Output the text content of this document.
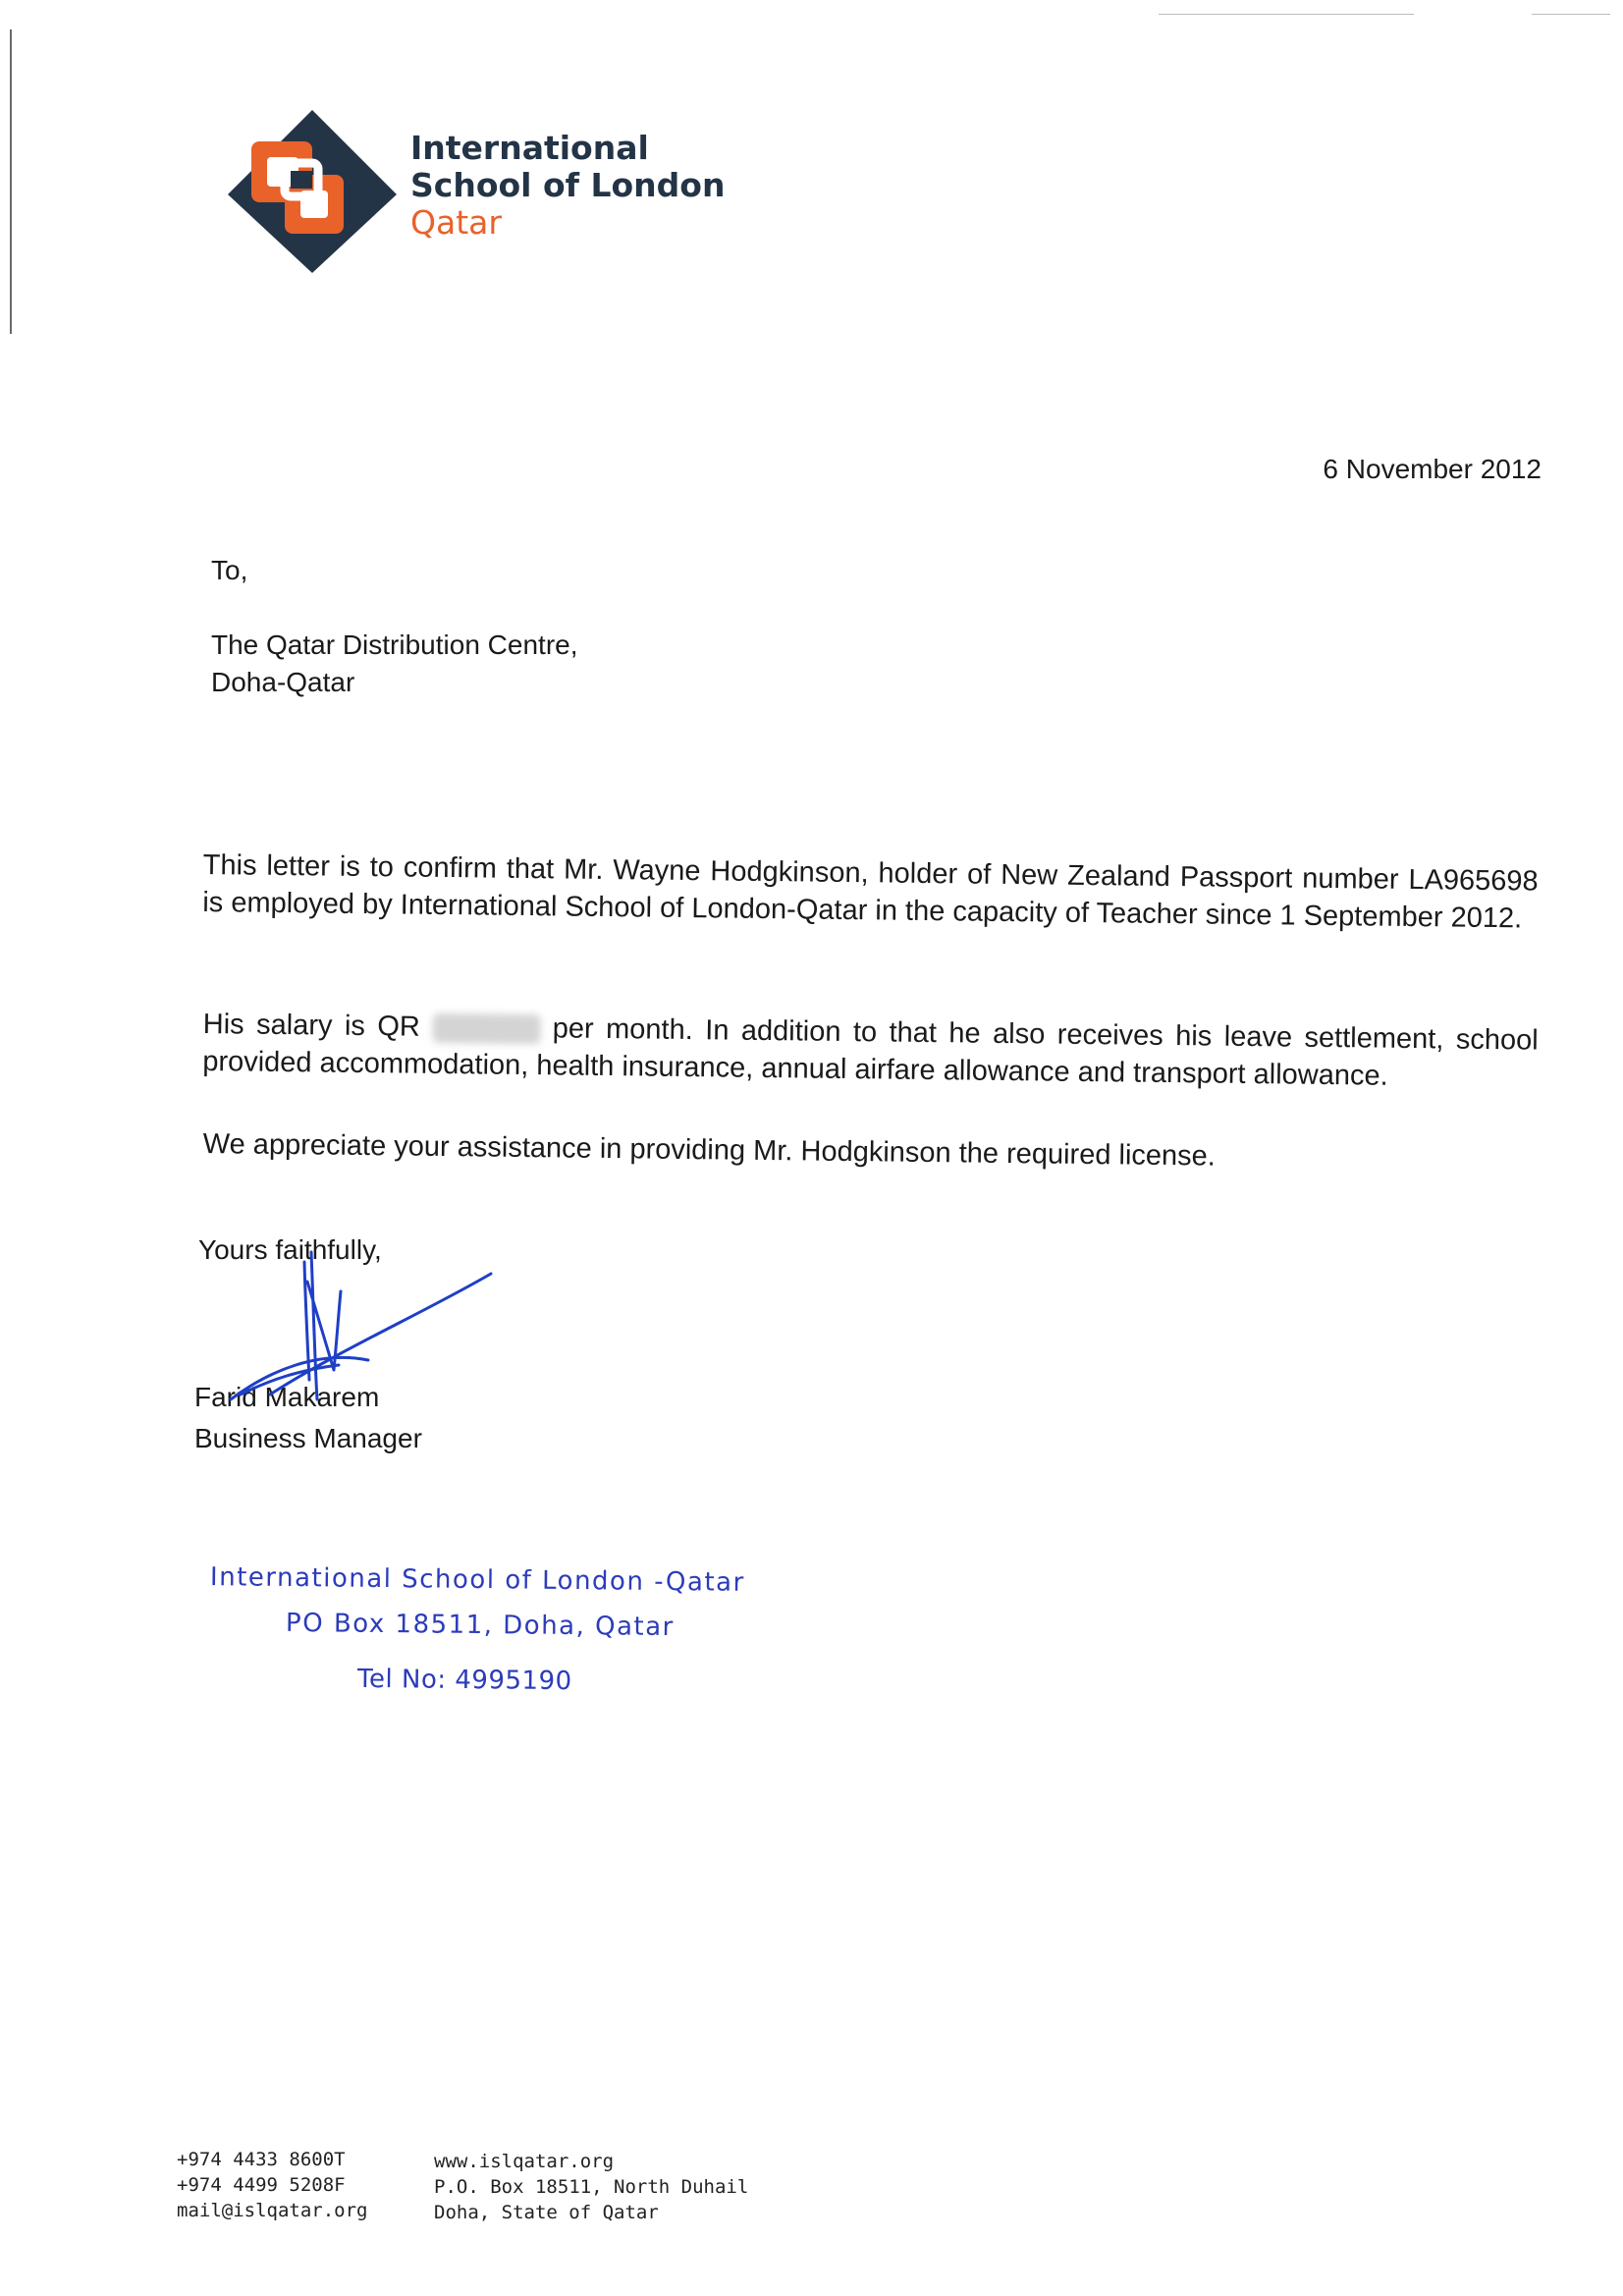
International
School of London
Qatar
6 November 2012
To,
The Qatar Distribution Centre,
Doha-Qatar
This letter is to confirm that Mr. Wayne Hodgkinson, holder of New Zealand Passport number LA965698 is employed by International School of London-Qatar in the capacity of Teacher since 1 September 2012.
His salary is QR	per month. In addition to that he also receives his leave settlement, school provided accommodation, health insurance, annual airfare allowance and transport allowance.
We appreciate your assistance in providing Mr. Hodgkinson the required license.
Yours faithfully,
Farid Makarem
Business Manager
International School of London -Qatar
PO Box 18511, Doha, Qatar
Tel No: 4995190
+974 4433 8600T
+974 4499 5208F
mail@islqatar.org
www.islqatar.org
P.O. Box 18511, North Duhail
Doha, State of Qatar
